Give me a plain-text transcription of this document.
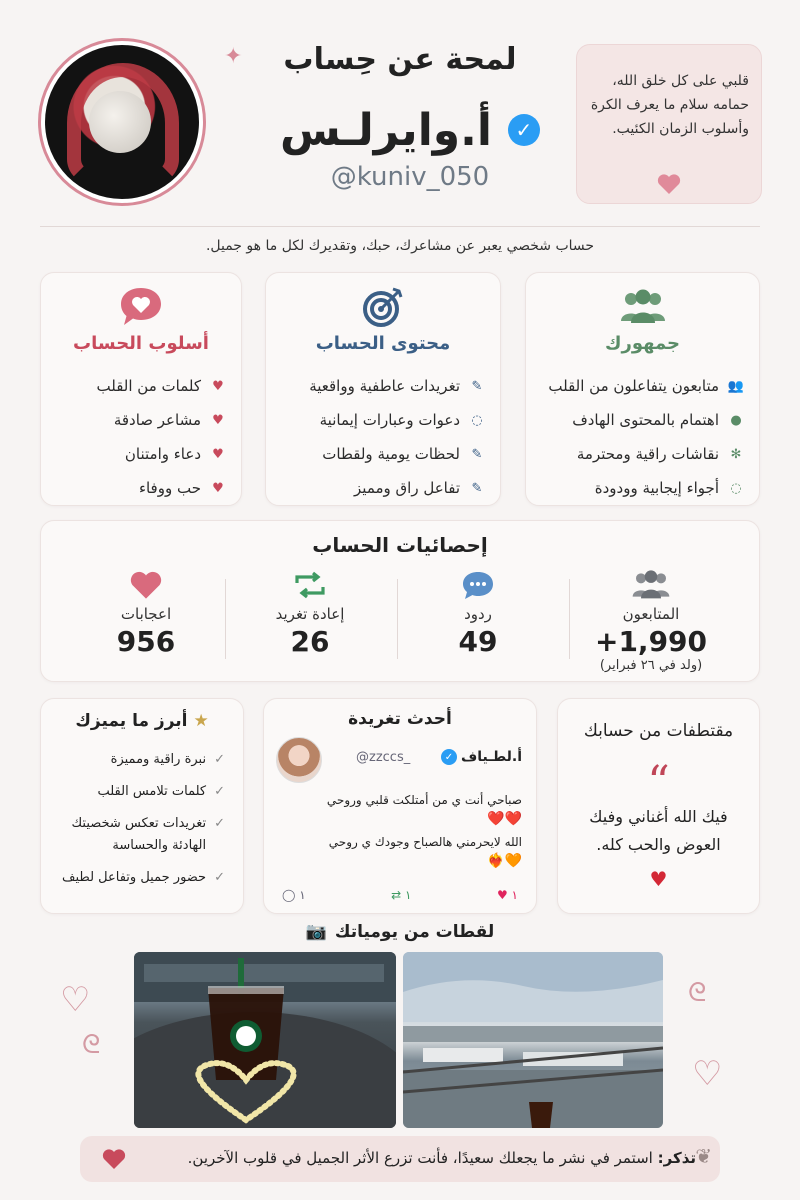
✦	لمحة عن حِساب
أ.وايرلـس	✓
@kuniv_050
قلبي على كل خلق الله، حمامه سلام ما يعرف الكرة وأسلوب الزمان الكئيب.
حساب شخصي يعبر عن مشاعرك، حبك، وتقديرك لكل ما هو جميل.
أسلوب الحساب
♥
كلمات من القلب
♥
مشاعر صادقة
♥
دعاء وامتنان
♥
حب ووفاء
محتوى الحساب
✎
تغريدات عاطفية وواقعية
◌
دعوات وعبارات إيمانية
✎
لحظات يومية ولقطات
✎
تفاعل راق ومميز
جمهورك
👥
متابعون يتفاعلون من القلب
●
اهتمام بالمحتوى الهادف
✻
نقاشات راقية ومحترمة
◌
أجواء إيجابية وودودة
إحصائيات الحساب
اعجابات
956
إعادة تغريد
26
ردود
49
المتابعون
+1,990
(ولد في ٢٦ فبراير)
★ أبرز ما يميزك
✓
نبرة راقية ومميزة
✓
كلمات تلامس القلب
✓
تغريدات تعكس شخصيتك الهادئة والحساسة
✓
حضور جميل وتفاعل لطيف
أحدث تغريدة
أ.لطـياف
✓
@zzccs_
صباحي أنت ي من أمتلكت قلبي وروحي
❤️❤️
الله لايحرمني هالصباح وجودك ي روحي
❤️‍🔥🧡
◯ ١	⇄ ١	♥ ١
مقتطفات من حسابك
“
فيك الله أغناني وفيك العوض والحب كله.
♥
لقطات من يومياتك
📷
♡
ᘓ
ᘓ
♡
❦
تذكر: استمر في نشر ما يجعلك سعيدًا، فأنت تزرع الأثر الجميل في قلوب الآخرين.
